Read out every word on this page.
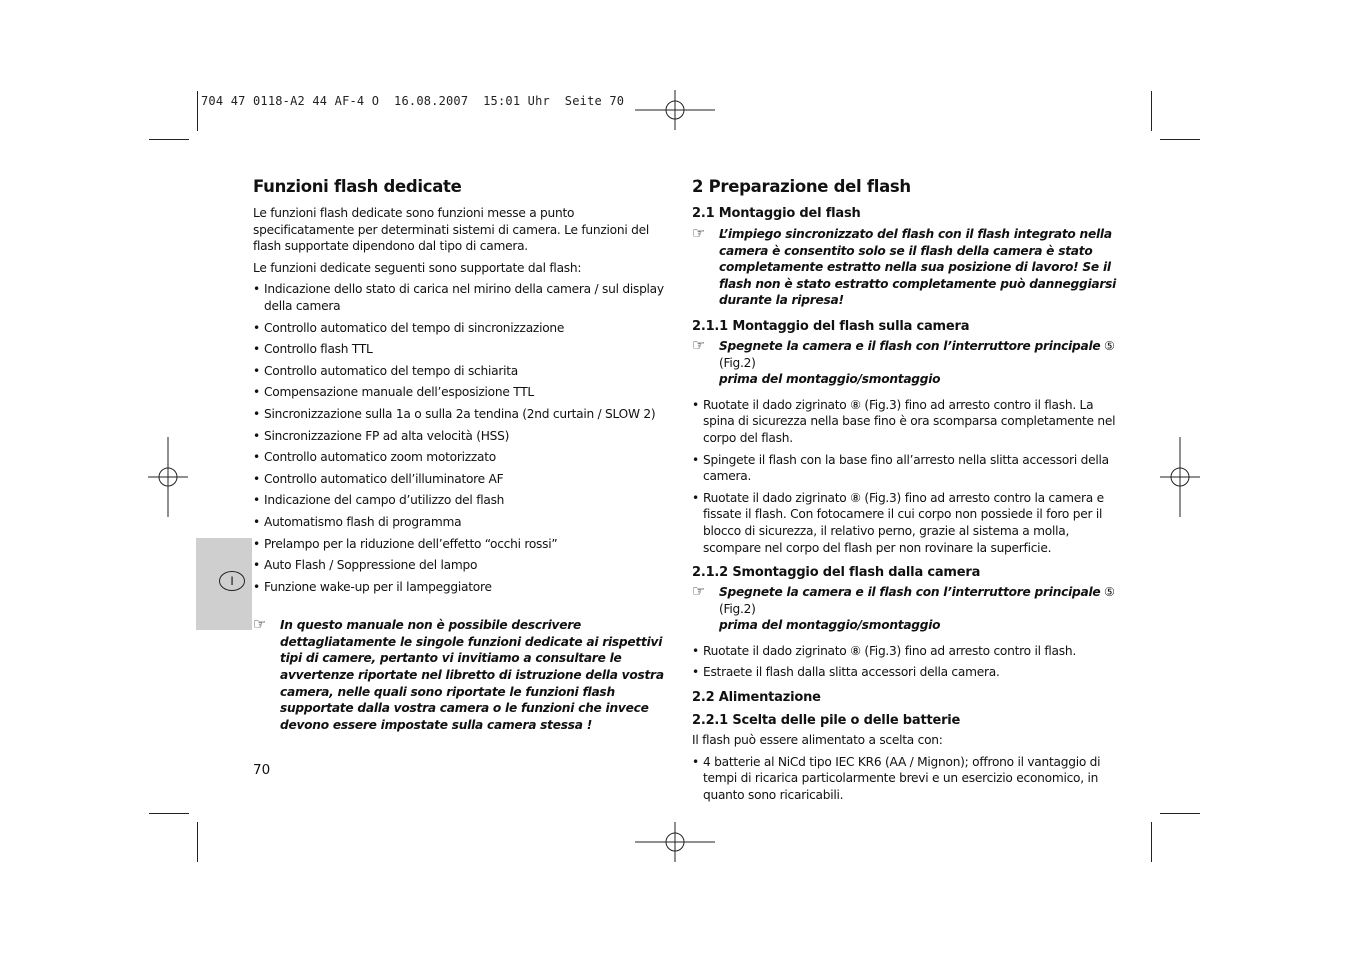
704 47 0118-A2 44 AF-4 O  16.08.2007  15:01 Uhr  Seite 70
I
Funzioni flash dedicate

Le funzioni flash dedicate sono funzioni messe a punto specificatamente per determinati sistemi di camera. Le funzioni del flash supportate dipendono dal tipo di camera.

Le funzioni dedicate seguenti sono supportate dal flash:

• Indicazione dello stato di carica nel mirino della camera / sul display della camera
• Controllo automatico del tempo di sincronizzazione
• Controllo flash TTL
• Controllo automatico del tempo di schiarita
• Compensazione manuale dell’esposizione TTL
• Sincronizzazione sulla 1a o sulla 2a tendina (2nd curtain / SLOW 2)
• Sincronizzazione FP ad alta velocità (HSS)
• Controllo automatico zoom motorizzato
• Controllo automatico dell’illuminatore AF
• Indicazione del campo d’utilizzo del flash
• Automatismo flash di programma
• Prelampo per la riduzione dell’effetto “occhi rossi”
• Auto Flash / Soppressione del lampo
• Funzione wake-up per il lampeggiatore
☞ In questo manuale non è possibile descrivere dettagliatamente le singole funzioni dedicate ai rispettivi tipi di camere, pertanto vi invitiamo a consultare le avvertenze riportate nel libretto di istruzione della vostra camera, nelle quali sono riportate le funzioni flash supportate dalla vostra camera o le funzioni che invece devono essere impostate sulla camera stessa !
2 Preparazione del flash
2.1 Montaggio del flash
☞ L’impiego sincronizzato del flash con il flash integrato nella camera è consentito solo se il flash della camera è stato completamente estratto nella sua posizione di lavoro! Se il flash non è stato estratto completamente può danneggiarsi durante la ripresa!
2.1.1 Montaggio del flash sulla camera
☞ Spegnete la camera e il flash con l’interruttore principale ⑤ (Fig.2)
prima del montaggio/smontaggio
• Ruotate il dado zigrinato ⑧ (Fig.3) fino ad arresto contro il flash. La spina di sicurezza nella base fino è ora scomparsa completamente nel corpo del flash.
• Spingete il flash con la base fino all’arresto nella slitta accessori della camera.
• Ruotate il dado zigrinato ⑧ (Fig.3) fino ad arresto contro la camera e fissate il flash. Con fotocamere il cui corpo non possiede il foro per il blocco di sicurezza, il relativo perno, grazie al sistema a molla, scompare nel corpo del flash per non rovinare la superficie.
2.1.2 Smontaggio del flash dalla camera
☞ Spegnete la camera e il flash con l’interruttore principale ⑤ (Fig.2)
prima del montaggio/smontaggio
• Ruotate il dado zigrinato ⑧ (Fig.3) fino ad arresto contro il flash.
• Estraete il flash dalla slitta accessori della camera.
2.2 Alimentazione
2.2.1 Scelta delle pile o delle batterie

Il flash può essere alimentato a scelta con:

• 4 batterie al NiCd tipo IEC KR6 (AA / Mignon); offrono il vantaggio di tempi di ricarica particolarmente brevi e un esercizio economico, in quanto sono ricaricabili.
70
